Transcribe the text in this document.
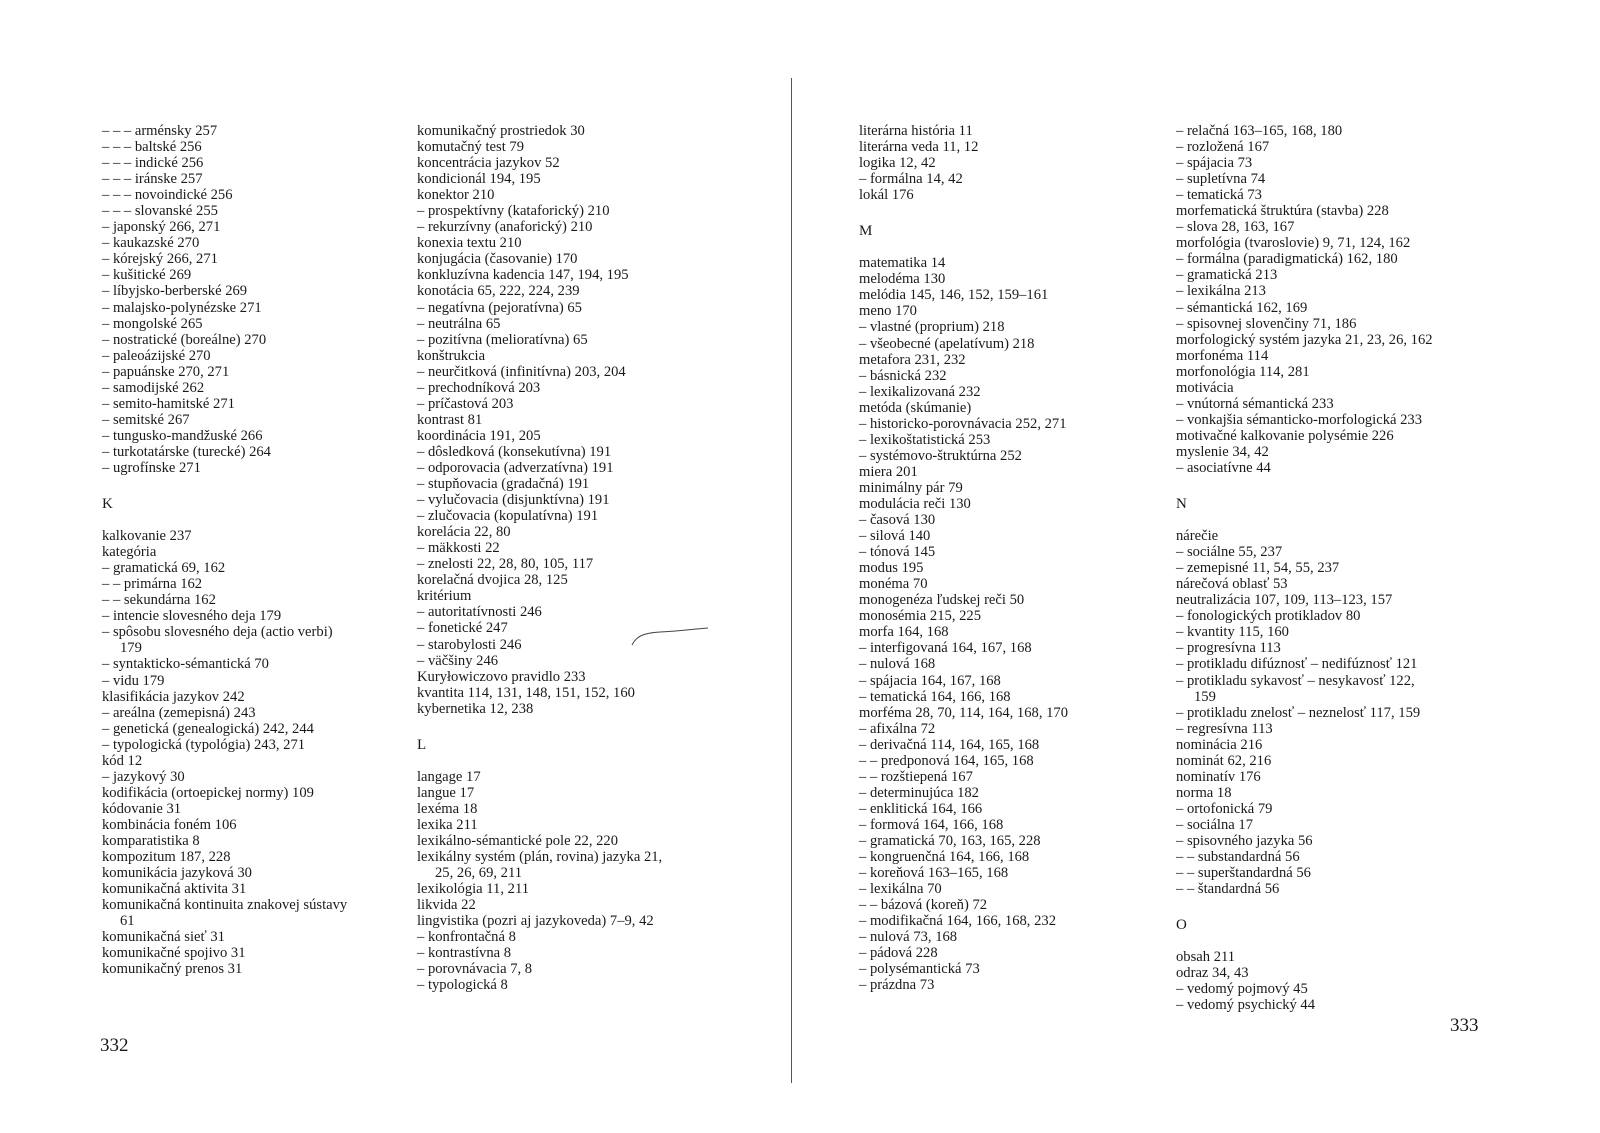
– – – arménsky 257
– – – baltské 256
– – – indické 256
– – – iránske 257
– – – novoindické 256
– – – slovanské 255
– japonský 266, 271
– kaukazské 270
– kórejský 266, 271
– kušitické 269
– líbyjsko-berberské 269
– malajsko-polynézske 271
– mongolské 265
– nostratické (boreálne) 270
– paleoázijské 270
– papuánske 270, 271
– samodijské 262
– semito-hamitské 271
– semitské 267
– tungusko-mandžuské 266
– turkotatárske (turecké) 264
– ugrofínske 271
K
kalkovanie 237
kategória
– gramatická 69, 162
– – primárna 162
– – sekundárna 162
– intencie slovesného deja 179
– spôsobu slovesného deja (actio verbi)
179
– syntakticko-sémantická 70
– vidu 179
klasifikácia jazykov 242
– areálna (zemepisná) 243
– genetická (genealogická) 242, 244
– typologická (typológia) 243, 271
kód 12
– jazykový 30
kodifikácia (ortoepickej normy) 109
kódovanie 31
kombinácia foném 106
komparatistika 8
kompozitum 187, 228
komunikácia jazyková 30
komunikačná aktivita 31
komunikačná kontinuita znakovej sústavy
61
komunikačná sieť 31
komunikačné spojivo 31
komunikačný prenos 31
komunikačný prostriedok 30
komutačný test 79
koncentrácia jazykov 52
kondicionál 194, 195
konektor 210
– prospektívny (kataforický) 210
– rekurzívny (anaforický) 210
konexia textu 210
konjugácia (časovanie) 170
konkluzívna kadencia 147, 194, 195
konotácia 65, 222, 224, 239
– negatívna (pejoratívna) 65
– neutrálna 65
– pozitívna (melioratívna) 65
konštrukcia
– neurčitková (infinitívna) 203, 204
– prechodníková 203
– príčastová 203
kontrast 81
koordinácia 191, 205
– dôsledková (konsekutívna) 191
– odporovacia (adverzatívna) 191
– stupňovacia (gradačná) 191
– vylučovacia (disjunktívna) 191
– zlučovacia (kopulatívna) 191
korelácia 22, 80
– mäkkosti 22
– znelosti 22, 28, 80, 105, 117
korelačná dvojica 28, 125
kritérium
– autoritatívnosti 246
– fonetické 247
– starobylosti 246
– väčšiny 246
Kuryłowiczovo pravidlo 233
kvantita 114, 131, 148, 151, 152, 160
kybernetika 12, 238
L
langage 17
langue 17
lexéma 18
lexika 211
lexikálno-sémantické pole 22, 220
lexikálny systém (plán, rovina) jazyka 21,
25, 26, 69, 211
lexikológia 11, 211
likvida 22
lingvistika (pozri aj jazykoveda) 7–9, 42
– konfrontačná 8
– kontrastívna 8
– porovnávacia 7, 8
– typologická 8
literárna história 11
literárna veda 11, 12
logika 12, 42
– formálna 14, 42
lokál 176
M
matematika 14
melodéma 130
melódia 145, 146, 152, 159–161
meno 170
– vlastné (proprium) 218
– všeobecné (apelatívum) 218
metafora 231, 232
– básnická 232
– lexikalizovaná 232
metóda (skúmanie)
– historicko-porovnávacia 252, 271
– lexikoštatistická 253
– systémovo-štruktúrna 252
miera 201
minimálny pár 79
modulácia reči 130
– časová 130
– silová 140
– tónová 145
modus 195
monéma 70
monogenéza ľudskej reči 50
monosémia 215, 225
morfa 164, 168
– interfigovaná 164, 167, 168
– nulová 168
– spájacia 164, 167, 168
– tematická 164, 166, 168
morféma 28, 70, 114, 164, 168, 170
– afixálna 72
– derivačná 114, 164, 165, 168
– – predponová 164, 165, 168
– – rozštiepená 167
– determinujúca 182
– enklitická 164, 166
– formová 164, 166, 168
– gramatická 70, 163, 165, 228
– kongruenčná 164, 166, 168
– koreňová 163–165, 168
– lexikálna 70
– – bázová (koreň) 72
– modifikačná 164, 166, 168, 232
– nulová 73, 168
– pádová 228
– polysémantická 73
– prázdna 73
– relačná 163–165, 168, 180
– rozložená 167
– spájacia 73
– supletívna 74
– tematická 73
morfematická štruktúra (stavba) 228
– slova 28, 163, 167
morfológia (tvaroslovie) 9, 71, 124, 162
– formálna (paradigmatická) 162, 180
– gramatická 213
– lexikálna 213
– sémantická 162, 169
– spisovnej slovenčiny 71, 186
morfologický systém jazyka 21, 23, 26, 162
morfonéma 114
morfonológia 114, 281
motivácia
– vnútorná sémantická 233
– vonkajšia sémanticko-morfologická 233
motivačné kalkovanie polysémie 226
myslenie 34, 42
– asociatívne 44
N
nárečie
– sociálne 55, 237
– zemepisné 11, 54, 55, 237
nárečová oblasť 53
neutralizácia 107, 109, 113–123, 157
– fonologických protikladov 80
– kvantity 115, 160
– progresívna 113
– protikladu difúznosť – nedifúznosť 121
– protikladu sykavosť – nesykavosť 122,
159
– protikladu znelosť – neznelosť 117, 159
– regresívna 113
nominácia 216
nominát 62, 216
nominatív 176
norma 18
– ortofonická 79
– sociálna 17
– spisovného jazyka 56
– – substandardná 56
– – superštandardná 56
– – štandardná 56
O
obsah 211
odraz 34, 43
– vedomý pojmový 45
– vedomý psychický 44
332
333
